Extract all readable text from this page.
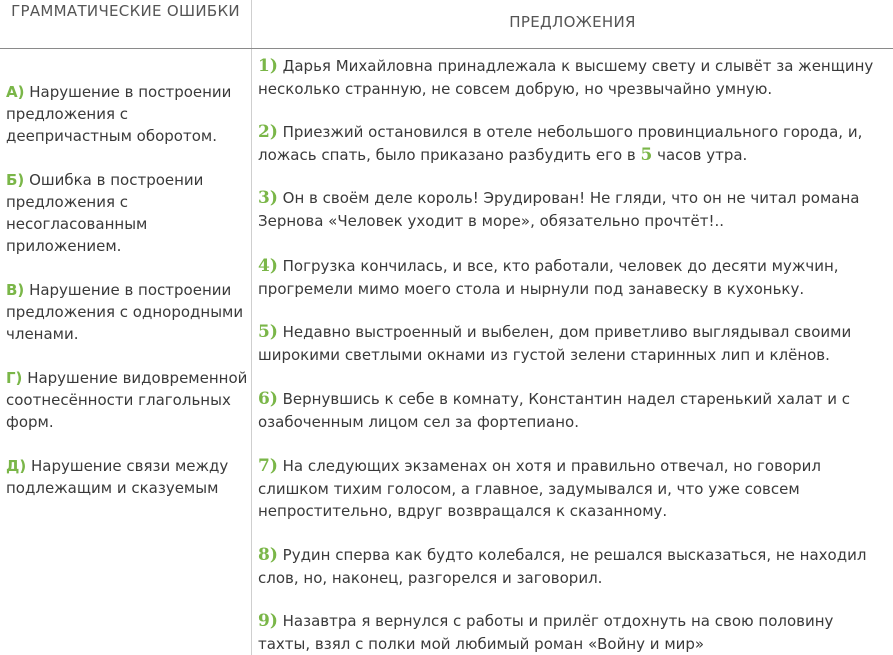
ГРАММАТИЧЕСКИЕ ОШИБКИ
ПРЕДЛОЖЕНИЯ
А) Нарушение в построении предложения с деепричастным оборотом.
Б) Ошибка в построении предложения с несогласованным приложением.
В) Нарушение в построении предложения с однородными членами.
Г) Нарушение видовременной соотнесённости глагольных форм.
Д) Нарушение связи между подлежащим и сказуемым
1) Дарья Михайловна принадлежала к высшему свету и слывёт за женщину несколько странную, не совсем добрую, но чрезвычайно умную.
2) Приезжий остановился в отеле небольшого провинциального города, и, ложась спать, было приказано разбудить его в 5 часов утра.
3) Он в своём деле король! Эрудирован! Не гляди, что он не читал романа Зернова «Человек уходит в море», обязательно прочтёт!..
4) Погрузка кончилась, и все, кто работали, человек до десяти мужчин, прогремели мимо моего стола и нырнули под занавеску в кухоньку.
5) Недавно выстроенный и выбелен, дом приветливо выглядывал своими широкими светлыми окнами из густой зелени старинных лип и клёнов.
6) Вернувшись к себе в комнату, Константин надел старенький халат и с озабоченным лицом сел за фортепиано.
7) На следующих экзаменах он хотя и правильно отвечал, но говорил слишком тихим голосом, а главное, задумывался и, что уже совсем непростительно, вдруг возвращался к сказанному.
8) Рудин сперва как будто колебался, не решался высказаться, не находил слов, но, наконец, разгорелся и заговорил.
9) Назавтра я вернулся с работы и прилёг отдохнуть на свою половину тахты, взял с полки мой любимый роман «Войну и мир»
